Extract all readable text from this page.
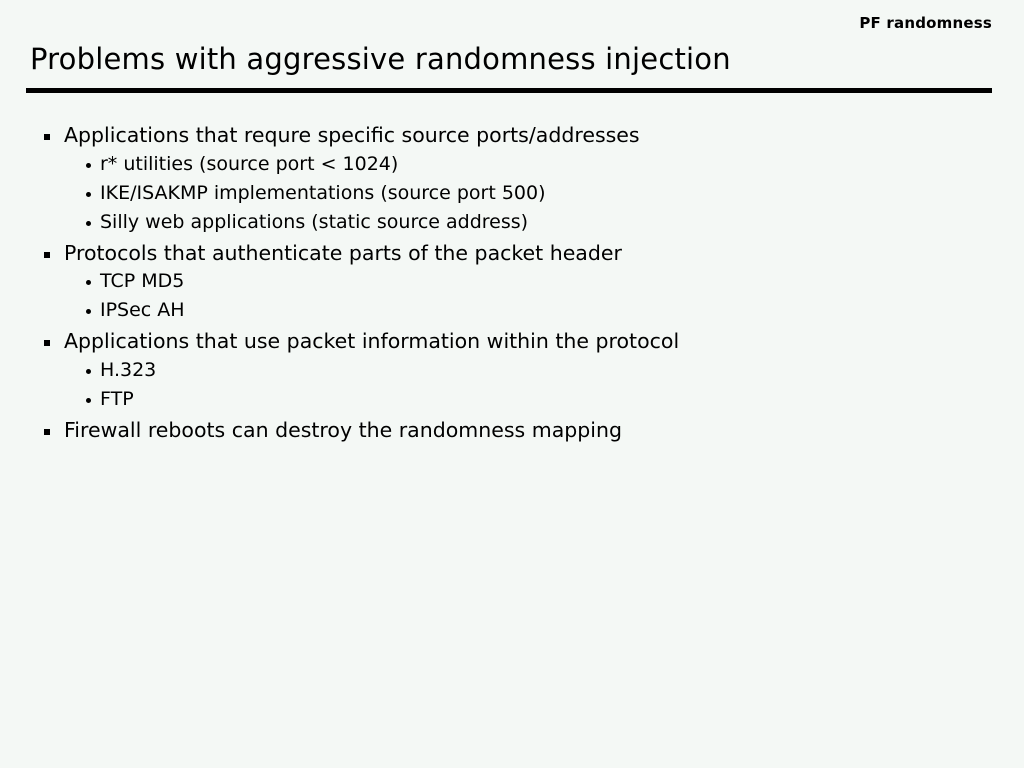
PF randomness
Problems with aggressive randomness injection
Applications that requre specific source ports/addresses
r* utilities (source port < 1024)
IKE/ISAKMP implementations (source port 500)
Silly web applications (static source address)
Protocols that authenticate parts of the packet header
TCP MD5
IPSec AH
Applications that use packet information within the protocol
H.323
FTP
Firewall reboots can destroy the randomness mapping
